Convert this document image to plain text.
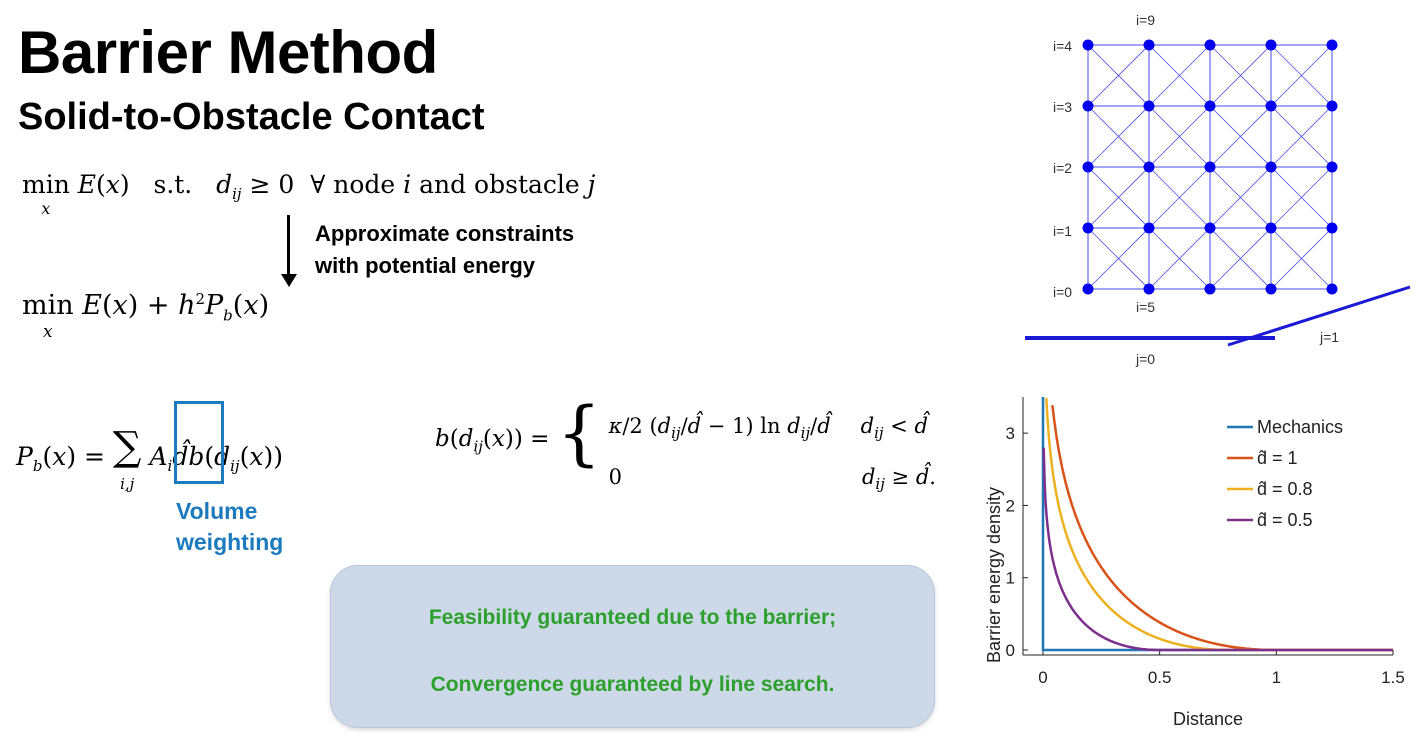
Barrier Method
Solid-to-Obstacle Contact
min
$^x$ E(x)   s.t.   $d_{ij} \ge 0$  ∀ node i and obstacle j
Approximate constraints
with potential energy
min
$^x$ $E(x) + h^2P_b(x)$
$P_b(x)$ = ∑
i,j $A_id̂b(d_{ij}(x))$
Volume
weighting
$b(d_{ij}(x))$ = { κ/2 $(d_{ij}/d̂ - 1)$ $\ln d_{ij}/d̂$ $d_{ij}$ < d̂
0	$d_{ij}$ ≥ d̂.
Feasibility guaranteed due to the barrier;
Convergence guaranteed by line search.
i=4
i=3
i=2
i=1
i=0
i=9
i=5
j=0
j=1
0	0.5	1	1.5
0
1
2
3
Barrier energy density
Distance
Mechanics
d̂ = 1
d̂ = 0.8
d̂ = 0.5
